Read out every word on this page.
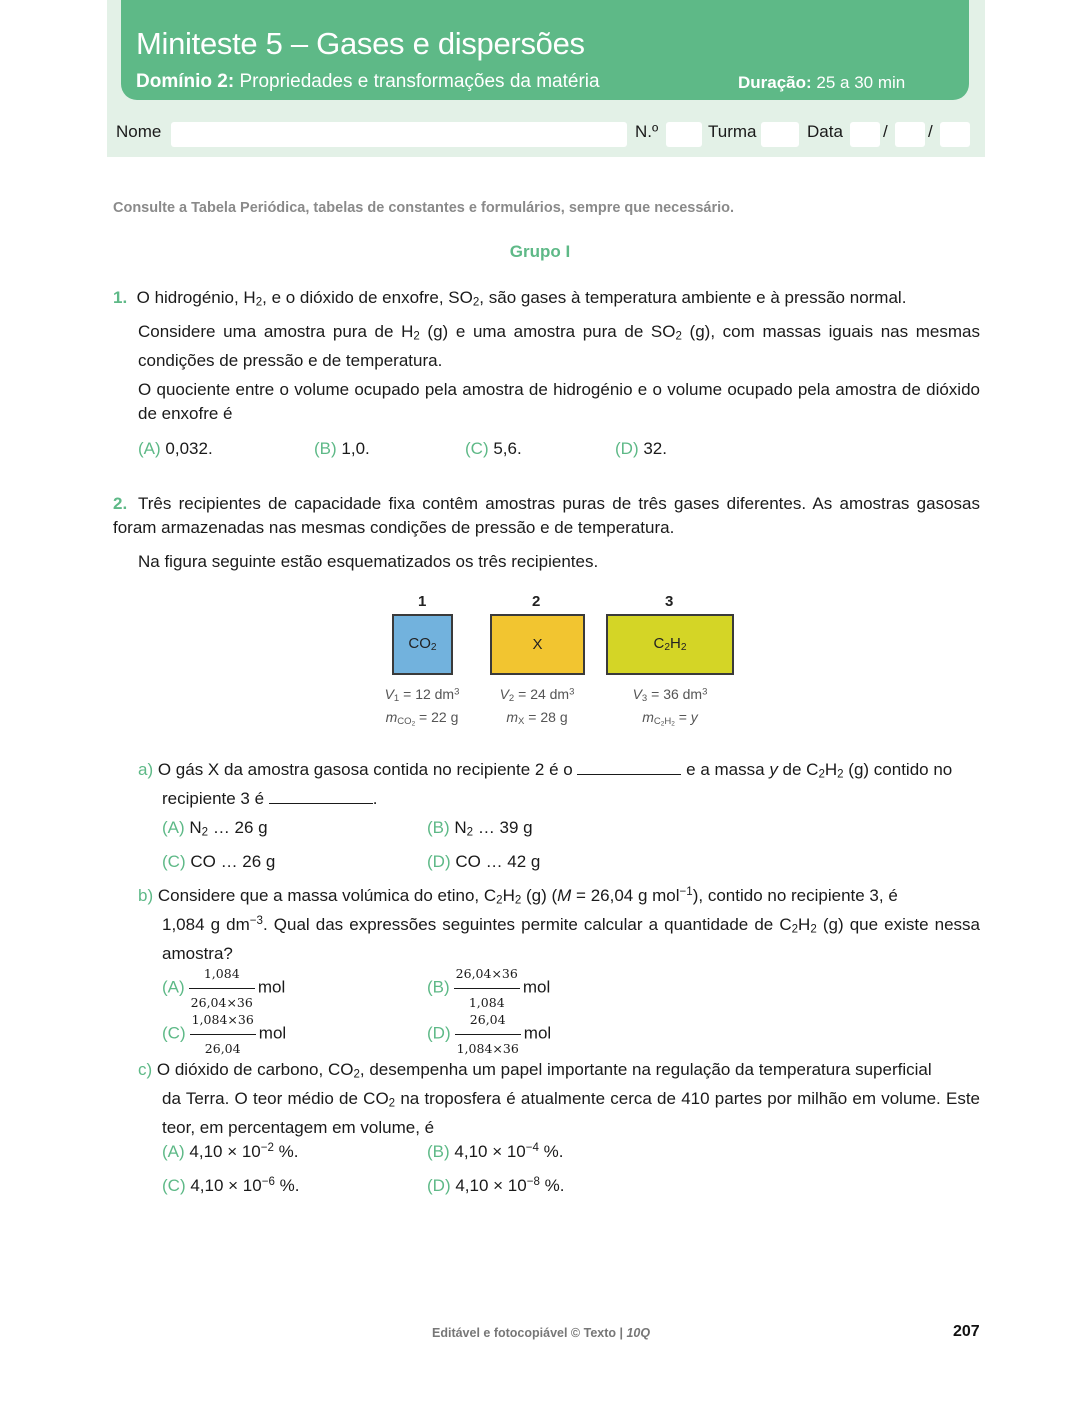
Miniteste 5 – Gases e dispersões
Domínio 2: Propriedades e transformações da matéria	Duração: 25 a 30 min
Nome	N.º	Turma	Data / /
Consulte a Tabela Periódica, tabelas de constantes e formulários, sempre que necessário.
Grupo I
1.  O hidrogénio, $H_2$, e o dióxido de enxofre, $SO_2$, são gases à temperatura ambiente e à pressão normal.
Considere uma amostra pura de $H_2$ (g) e uma amostra pura de $SO_2$ (g), com massas iguais nas mesmas condições de pressão e de temperatura.
O quociente entre o volume ocupado pela amostra de hidrogénio e o volume ocupado pela amostra de dióxido de enxofre é
(A) 0,032.	(B) 1,0.	(C) 5,6.	(D) 32.
2. Três recipientes de capacidade fixa contêm amostras puras de três gases diferentes. As amostras gasosas foram armazenadas nas mesmas condições de pressão e de temperatura.
Na figura seguinte estão esquematizados os três recipientes.
1	2	3
$CO_2$	X	$C_2H_2$
$V_1 = 12$ $dm^3$
$m_{CO_2} = 22$ g
$V_2 = 24$ $dm^3$
$m_X = 28$ g
$V_3 = 36$ $dm^3$
$m_{C_2H_2} = y$
a) O gás X da amostra gasosa contida no recipiente 2 é o	e a massa y de $C_2H_2$ (g) contido no
recipiente 3 é	.
(A) $N_2$ … 26 g	(B) $N_2$ … 39 g
(C) CO … 26 g	(D) CO … 42 g
b) Considere que a massa volúmica do etino, $C_2H_2$ (g) (M = 26,04 g mol$^{-1}$), contido no recipiente 3, é

1,084 g $dm^{-3}$. Qual das expressões seguintes permite calcular a quantidade de $C_2H_2$ (g) que existe nessa amostra?
$(A) \frac{1,084}{26,04\times 36}$ mol	$(B) \frac{26,04\times 36}{1,084}$ mol
$(C) \frac{1,084\times 36}{26,04}$ mol	$(D) \frac{26,04}{1,084\times 36}$ mol
c) O dióxido de carbono, $CO_2$, desempenha um papel importante na regulação da temperatura superficial

da Terra. O teor médio de $CO_2$ na troposfera é atualmente cerca de 410 partes por milhão em volume. Este teor, em percentagem em volume, é
(A) $4,10 \times 10^{-2}$ %.	(B) $4,10 \times 10^{-4}$ %.
(C) $4,10 \times 10^{-6}$ %.	(D) $4,10 \times 10^{-8}$ %.
Editável e fotocopiável © Texto | 10Q	207
